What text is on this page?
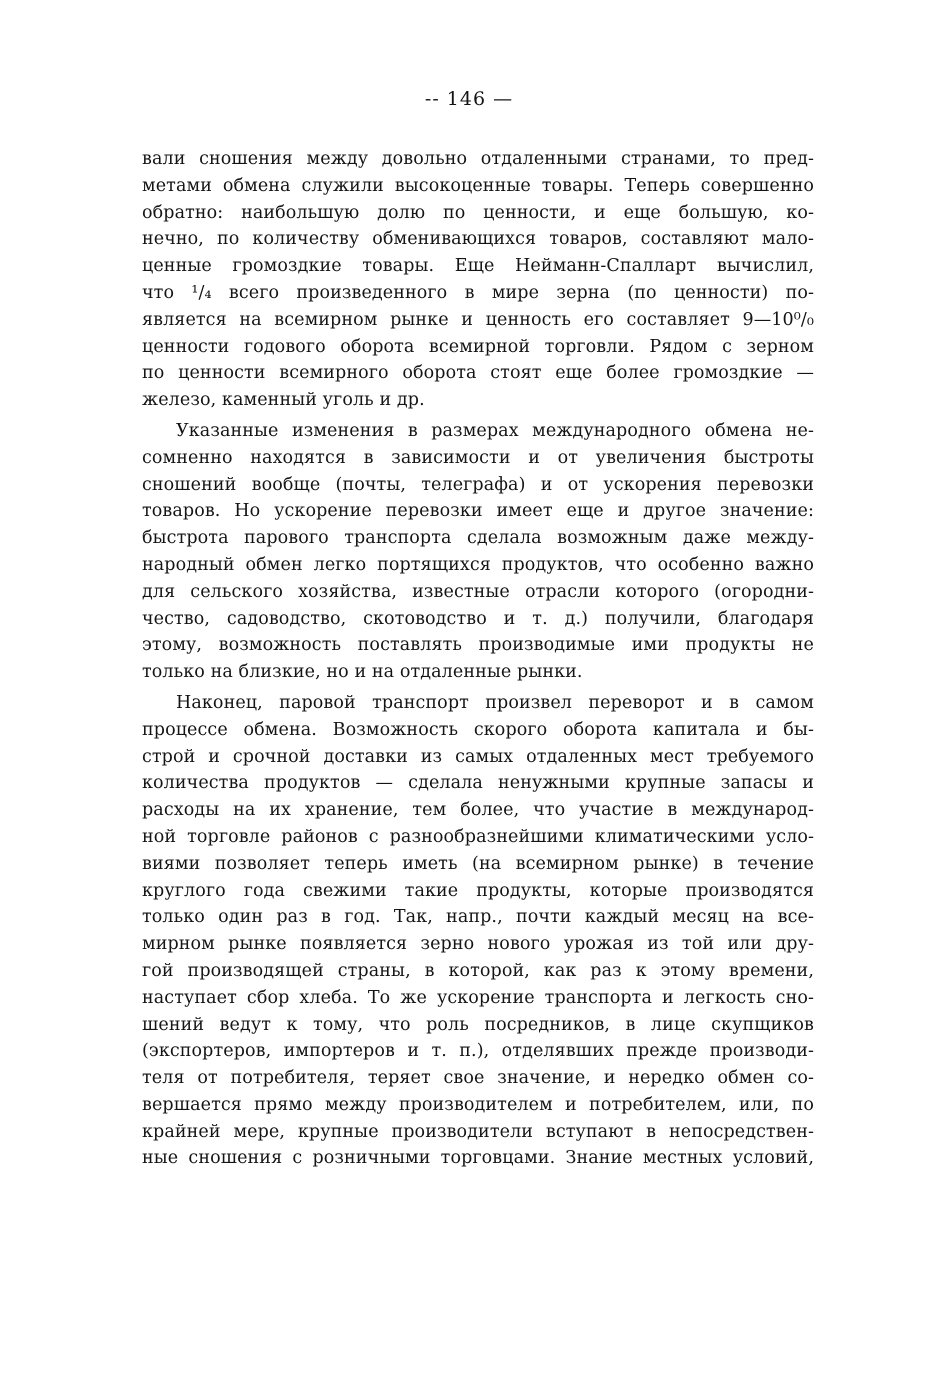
-- 146 —
вали сношения между довольно отдаленными странами, то пред-
метами обмена служили высокоценные товары. Теперь совершенно
обратно: наибольшую долю по ценности, и еще большую, ко-
нечно, по количеству обменивающихся товаров, составляют мало-
ценные громоздкие товары. Еще Нейманн-Спалларт вычислил,
что ¹/₄ всего произведенного в мире зерна (по ценности) по-
является на всемирном рынке и ценность его составляет 9—10⁰/₀
ценности годового оборота всемирной торговли. Рядом с зерном
по ценности всемирного оборота стоят еще более громоздкие —
железо, каменный уголь и др.
Указанные изменения в размерах международного обмена не-
сомненно находятся в зависимости и от увеличения быстроты
сношений вообще (почты, телеграфа) и от ускорения перевозки
товаров. Но ускорение перевозки имеет еще и другое значение:
быстрота парового транспорта сделала возможным даже между-
народный обмен легко портящихся продуктов, что особенно важно
для сельского хозяйства, известные отрасли которого (огородни-
чество, садоводство, скотоводство и т. д.) получили, благодаря
этому, возможность поставлять производимые ими продукты не
только на близкие, но и на отдаленные рынки.
Наконец, паровой транспорт произвел переворот и в самом
процессе обмена. Возможность скорого оборота капитала и бы-
строй и срочной доставки из самых отдаленных мест требуемого
количества продуктов — сделала ненужными крупные запасы и
расходы на их хранение, тем более, что участие в международ-
ной торговле районов с разнообразнейшими климатическими усло-
виями позволяет теперь иметь (на всемирном рынке) в течение
круглого года свежими такие продукты, которые производятся
только один раз в год. Так, напр., почти каждый месяц на все-
мирном рынке появляется зерно нового урожая из той или дру-
гой производящей страны, в которой, как раз к этому времени,
наступает сбор хлеба. То же ускорение транспорта и легкость сно-
шений ведут к тому, что роль посредников, в лице скупщиков
(экспортеров, импортеров и т. п.), отделявших прежде производи-
теля от потребителя, теряет свое значение, и нередко обмен со-
вершается прямо между производителем и потребителем, или, по
крайней мере, крупные производители вступают в непосредствен-
ные сношения с розничными торговцами. Знание местных условий,
